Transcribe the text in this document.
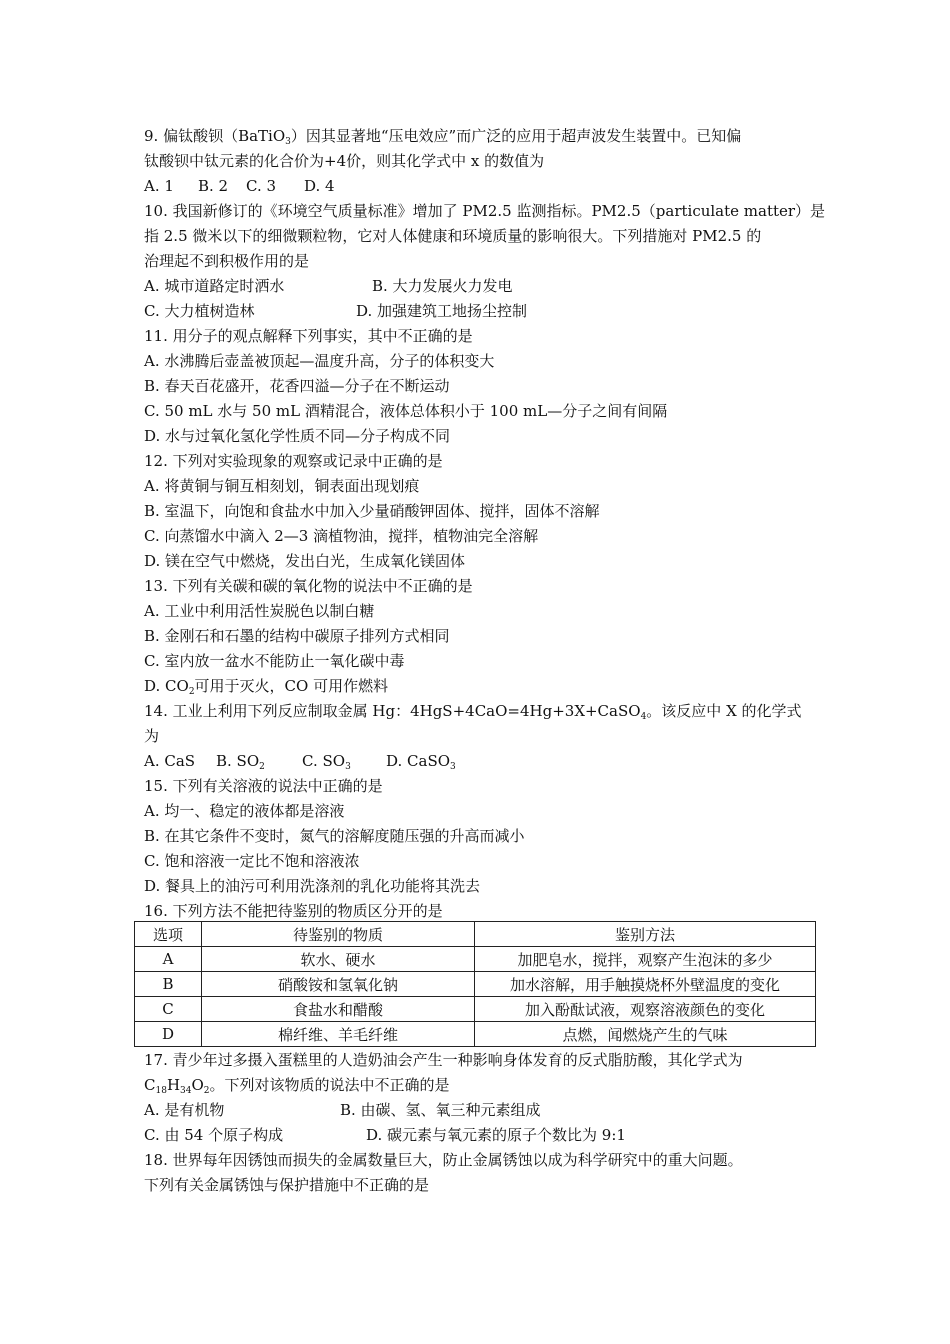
9. 偏钛酸钡（BaTiO$_3$）因其显著地“压电效应”而广泛的应用于超声波发生装置中。已知偏
钛酸钡中钛元素的化合价为+4价，则其化学式中 x 的数值为
A. 1 B. 2 C. 3 D. 4
10. 我国新修订的《环境空气质量标准》增加了 PM2.5 监测指标。PM2.5（particulate matter）是
指 2.5 微米以下的细微颗粒物，它对人体健康和环境质量的影响很大。下列措施对 PM2.5 的
治理起不到积极作用的是
A. 城市道路定时洒水	B. 大力发展火力发电
C. 大力植树造林	D. 加强建筑工地扬尘控制
11. 用分子的观点解释下列事实，其中不正确的是
A. 水沸腾后壶盖被顶起—温度升高，分子的体积变大
B. 春天百花盛开，花香四溢—分子在不断运动
C. 50 mL 水与 50 mL 酒精混合，液体总体积小于 100 mL—分子之间有间隔
D. 水与过氧化氢化学性质不同—分子构成不同
12. 下列对实验现象的观察或记录中正确的是
A. 将黄铜与铜互相刻划，铜表面出现划痕
B. 室温下，向饱和食盐水中加入少量硝酸钾固体、搅拌，固体不溶解
C. 向蒸馏水中滴入 2—3 滴植物油，搅拌，植物油完全溶解
D. 镁在空气中燃烧，发出白光，生成氧化镁固体
13. 下列有关碳和碳的氧化物的说法中不正确的是
A. 工业中利用活性炭脱色以制白糖
B. 金刚石和石墨的结构中碳原子排列方式相同
C. 室内放一盆水不能防止一氧化碳中毒
D. $CO_2$可用于灭火，CO 可用作燃料
14. 工业上利用下列反应制取金属 Hg：4HgS+4CaO=4Hg+3X+CaSO$_4$。该反应中 X 的化学式
为
A. CaS B. $SO_2$ C. $SO_3$ D. CaSO$_3$
15. 下列有关溶液的说法中正确的是
A. 均一、稳定的液体都是溶液
B. 在其它条件不变时，氮气的溶解度随压强的升高而减小
C. 饱和溶液一定比不饱和溶液浓
D. 餐具上的油污可利用洗涤剂的乳化功能将其洗去
16. 下列方法不能把待鉴别的物质区分开的是
选项	待鉴别的物质	鉴别方法
A	软水、硬水	加肥皂水，搅拌，观察产生泡沫的多少
B	硝酸铵和氢氧化钠	加水溶解，用手触摸烧杯外壁温度的变化
C	食盐水和醋酸	加入酚酞试液，观察溶液颜色的变化
D	棉纤维、羊毛纤维	点燃，闻燃烧产生的气味
17. 青少年过多摄入蛋糕里的人造奶油会产生一种影响身体发育的反式脂肪酸，其化学式为
$C_{18}H_{34}O_2$。下列对该物质的说法中不正确的是
A. 是有机物	B. 由碳、氢、氧三种元素组成
C. 由 54 个原子构成	D. 碳元素与氧元素的原子个数比为 9:1
18. 世界每年因锈蚀而损失的金属数量巨大，防止金属锈蚀以成为科学研究中的重大问题。
下列有关金属锈蚀与保护措施中不正确的是
